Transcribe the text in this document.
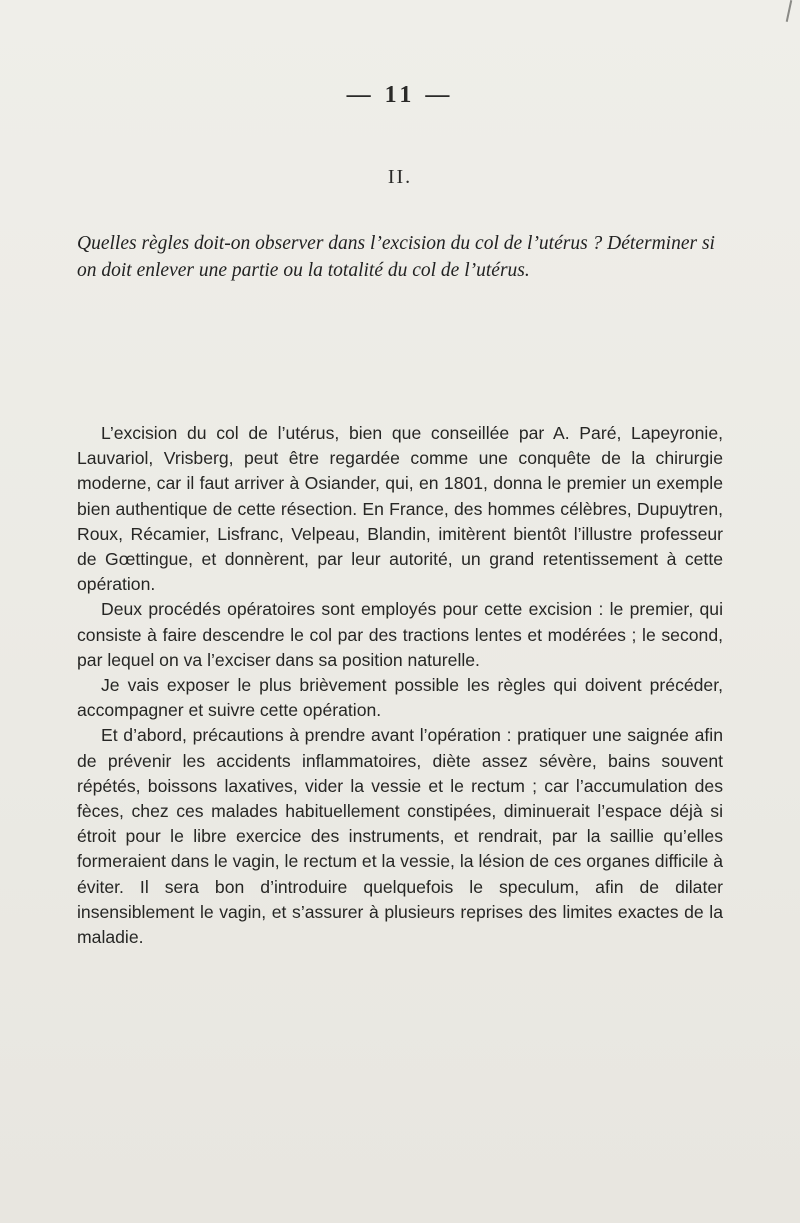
— 11 —
II.

Quelles règles doit-on observer dans l’excision du col de l’utérus ? Déterminer si on doit enlever une partie ou la totalité du col de l’utérus.

L’excision du col de l’utérus, bien que conseillée par A. Paré, Lapeyronie, Lauvariol, Vrisberg, peut être regardée comme une conquête de la chirurgie moderne, car il faut arriver à Osiander, qui, en 1801, donna le premier un exemple bien authentique de cette résection. En France, des hommes célèbres, Dupuytren, Roux, Récamier, Lisfranc, Velpeau, Blandin, imitèrent bientôt l’illustre professeur de Gœttingue, et donnèrent, par leur autorité, un grand retentissement à cette opération.

Deux procédés opératoires sont employés pour cette excision : le premier, qui consiste à faire descendre le col par des tractions lentes et modérées ; le second, par lequel on va l’exciser dans sa position naturelle.

Je vais exposer le plus brièvement possible les règles qui doivent précéder, accompagner et suivre cette opération.

Et d’abord, précautions à prendre avant l’opération : pratiquer une saignée afin de prévenir les accidents inflammatoires, diète assez sévère, bains souvent répétés, boissons laxatives, vider la vessie et le rectum ; car l’accumulation des fèces, chez ces malades habituellement constipées, diminuerait l’espace déjà si étroit pour le libre exercice des instruments, et rendrait, par la saillie qu’elles formeraient dans le vagin, le rectum et la vessie, la lésion de ces organes difficile à éviter. Il sera bon d’introduire quelquefois le speculum, afin de dilater insensiblement le vagin, et s’assurer à plusieurs reprises des limites exactes de la maladie.
